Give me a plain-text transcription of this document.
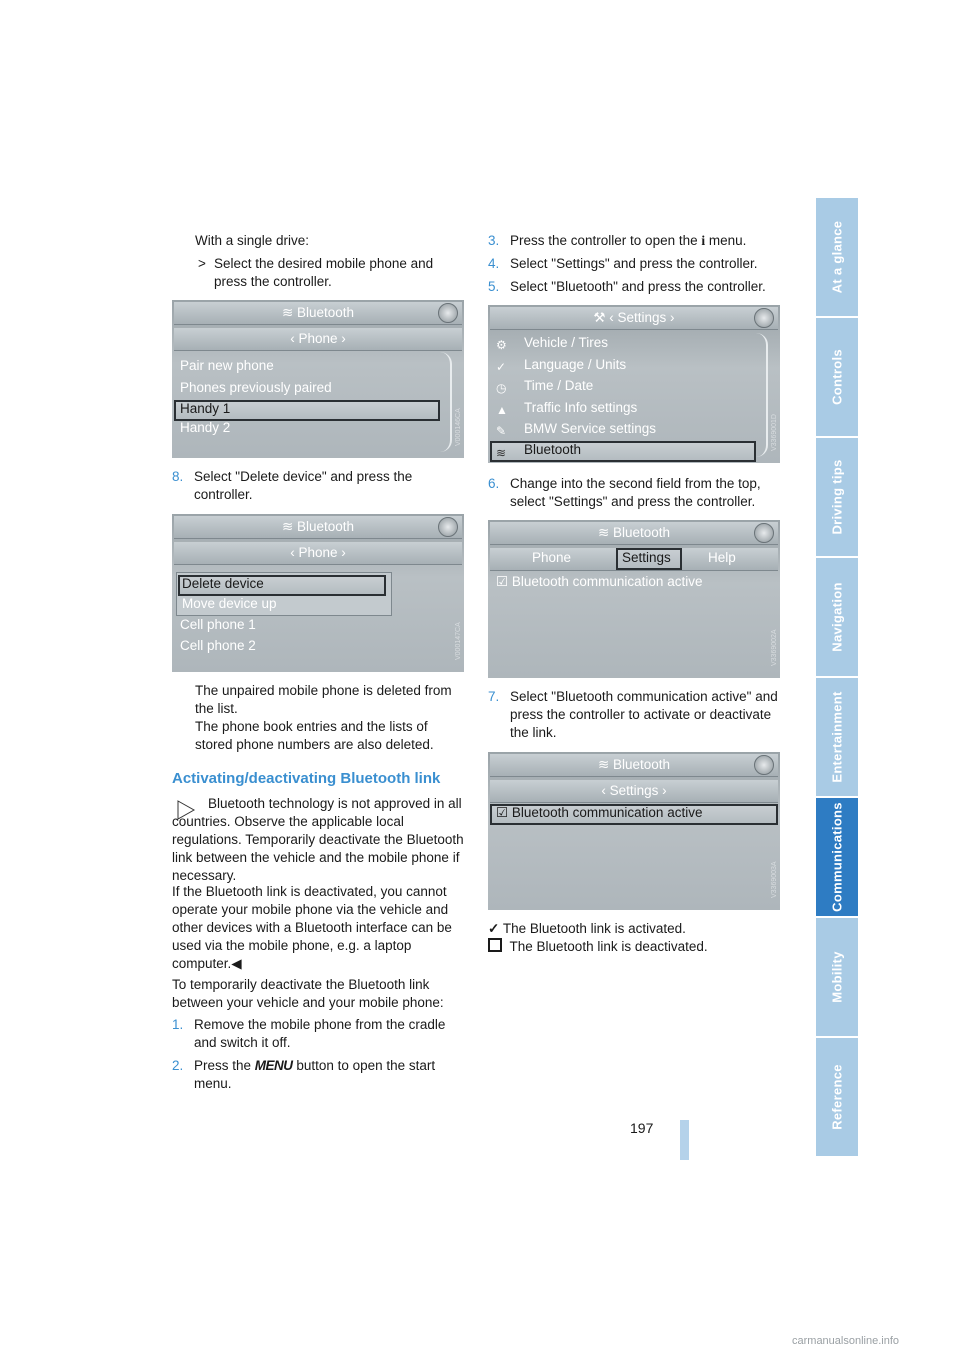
At a glance
Controls
Driving tips
Navigation
Entertainment
Communications
Mobility
Reference
With a single drive:
> Select the desired mobile phone and press the controller.
≋ Bluetooth
‹ Phone ›
Pair new phone
Phones previously paired
Handy 1
Handy 2	V000146CA
8. Select "Delete device" and press the controller.
≋ Bluetooth
‹ Phone ›
Delete device
Move device up
Cell phone 1
Cell phone 2	V000147CA
The unpaired mobile phone is deleted from the list.
The phone book entries and the lists of stored phone numbers are also deleted.
Activating/deactivating Bluetooth link
Bluetooth technology is not approved in all countries. Observe the applicable local regulations. Temporarily deactivate the Bluetooth link between the vehicle and the mobile phone if necessary.
If the Bluetooth link is deactivated, you cannot operate your mobile phone via the vehicle and other devices with a Bluetooth interface can be used via the mobile phone, e.g. a laptop computer.◀
To temporarily deactivate the Bluetooth link between your vehicle and your mobile phone:
1. Remove the mobile phone from the cradle and switch it off.
2. Press the MENU button to open the start menu.
3. Press the controller to open the i menu.
4. Select "Settings" and press the controller.
5. Select "Bluetooth" and press the controller.
⚒ ‹ Settings ›
Vehicle / Tires
Language / Units
Time / Date
Traffic Info settings
BMW Service settings
Bluetooth
⚙
✓
◷
▲
✎
≋
V3369001D
6. Change into the second field from the top, select "Settings" and press the controller.
≋ Bluetooth
Phone	Settings	Help
☑ Bluetooth communication active
V3369002A
7. Select "Bluetooth communication active" and press the controller to activate or deactivate the link.
≋ Bluetooth
‹ Settings ›
☑ Bluetooth communication active
V3369003A
✓ The Bluetooth link is activated.
The Bluetooth link is deactivated.
197
carmanualsonline.info
